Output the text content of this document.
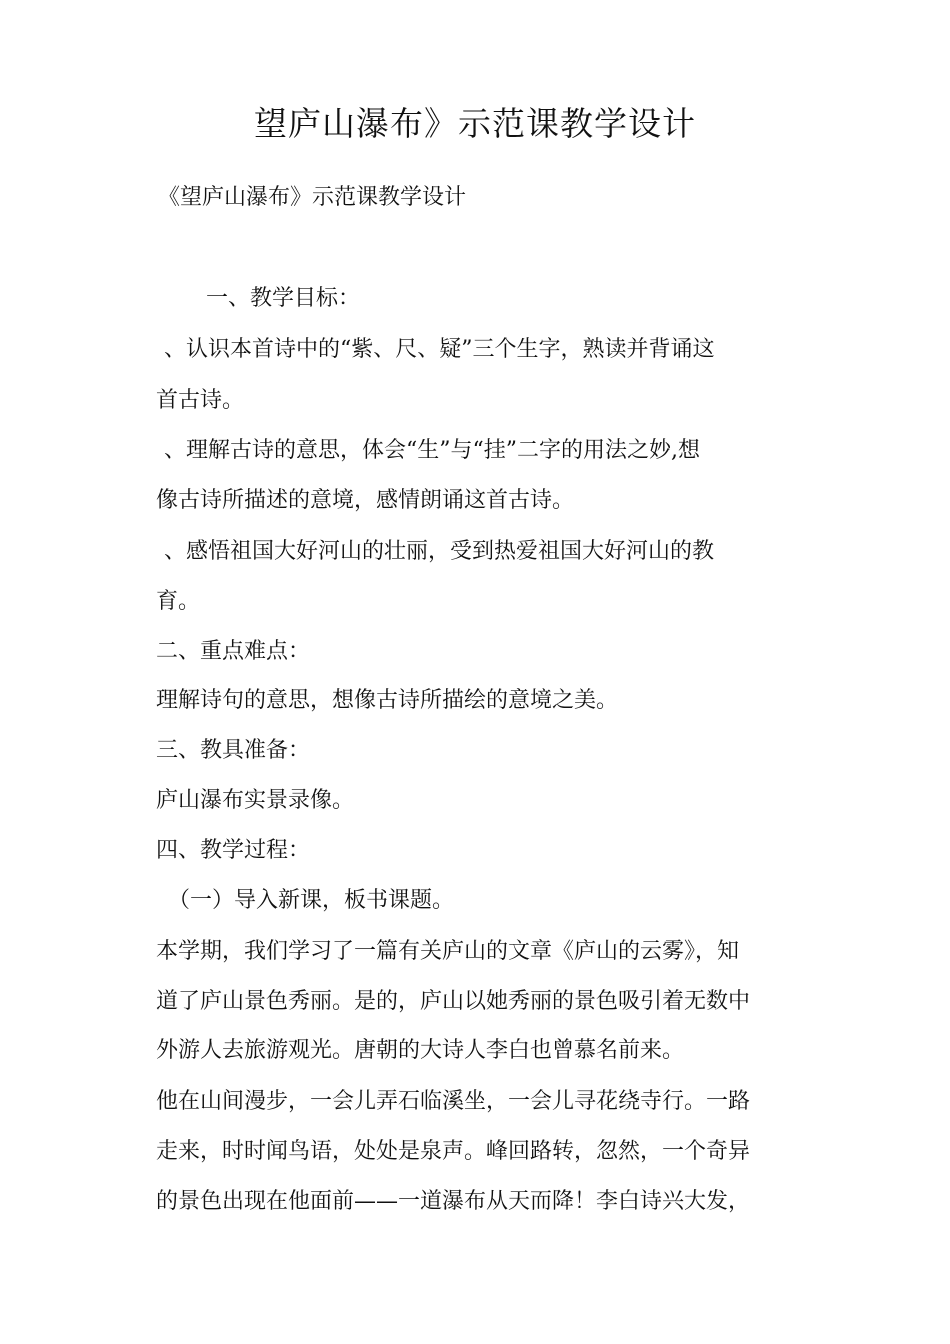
望庐山瀑布》示范课教学设计

《望庐山瀑布》示范课教学设计

一、教学目标：

、认识本首诗中的“紫、尺、疑”三个生字，熟读并背诵这

首古诗。

、理解古诗的意思，体会“生”与“挂”二字的用法之妙,想

像古诗所描述的意境，感情朗诵这首古诗。

、感悟祖国大好河山的壮丽，受到热爱祖国大好河山的教

育。

二、重点难点：

理解诗句的意思，想像古诗所描绘的意境之美。

三、教具准备：

庐山瀑布实景录像。

四、教学过程：

（一）导入新课，板书课题。

本学期，我们学习了一篇有关庐山的文章《庐山的云雾》，知

道了庐山景色秀丽。是的，庐山以她秀丽的景色吸引着无数中

外游人去旅游观光。唐朝的大诗人李白也曾慕名前来。

他在山间漫步，一会儿弄石临溪坐，一会儿寻花绕寺行。一路

走来，时时闻鸟语，处处是泉声。峰回路转，忽然，一个奇异

的景色出现在他面前——一道瀑布从天而降！李白诗兴大发，
